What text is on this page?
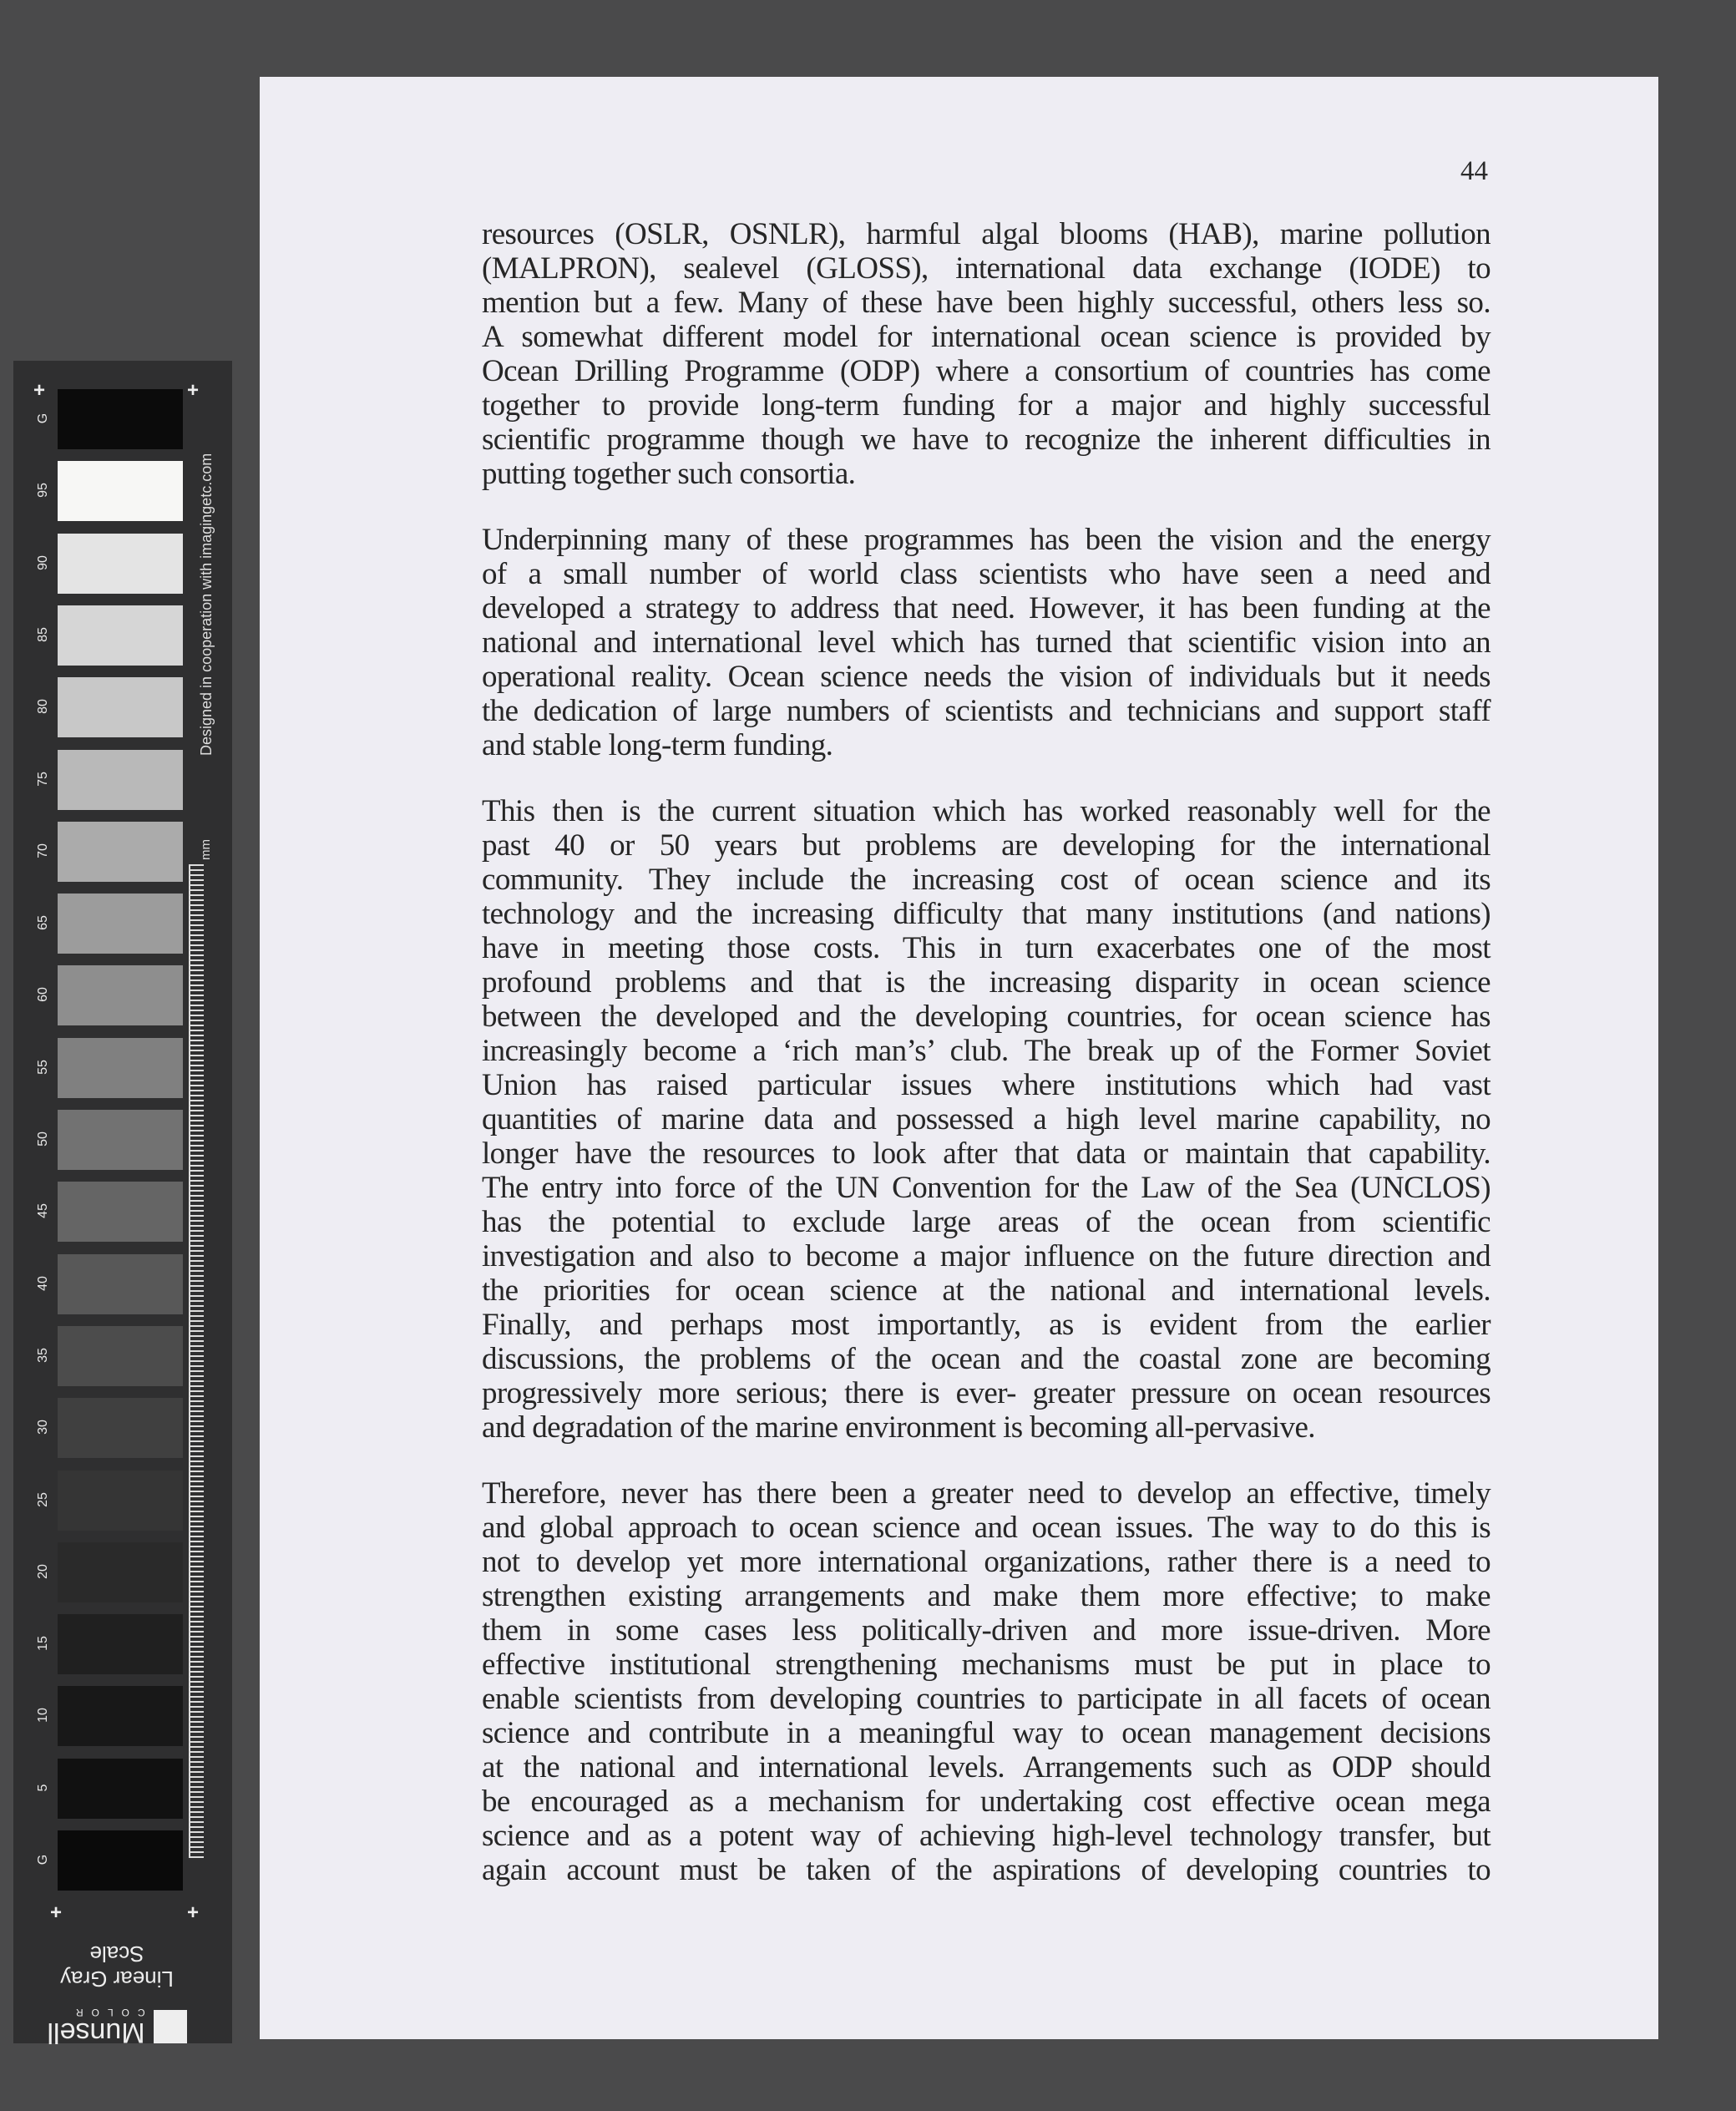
G
95
90
85
80
75
70
65
60
55
50
45
40
35
30
25
20
15
10
5
G
+	+
+	+
Designed in cooperation with imagingetc.com
mm
Munsell
COLOR
Linear Gray Scale
44
resources (OSLR, OSNLR), harmful algal blooms (HAB), marine pollution
(MALPRON), sealevel (GLOSS), international data exchange (IODE) to
mention but a few. Many of these have been highly successful, others less so.
A somewhat different model for international ocean science is provided by
Ocean Drilling Programme (ODP) where a consortium of countries has come
together to provide long-term funding for a major and highly successful
scientific programme though we have to recognize the inherent difficulties in
putting together such consortia.
Underpinning many of these programmes has been the vision and the energy
of a small number of world class scientists who have seen a need and
developed a strategy to address that need. However, it has been funding at the
national and international level which has turned that scientific vision into an
operational reality. Ocean science needs the vision of individuals but it needs
the dedication of large numbers of scientists and technicians and support staff
and stable long-term funding.
This then is the current situation which has worked reasonably well for the
past 40 or 50 years but problems are developing for the international
community. They include the increasing cost of ocean science and its
technology and the increasing difficulty that many institutions (and nations)
have in meeting those costs. This in turn exacerbates one of the most
profound problems and that is the increasing disparity in ocean science
between the developed and the developing countries, for ocean science has
increasingly become a ‘rich man’s’ club. The break up of the Former Soviet
Union has raised particular issues where institutions which had vast
quantities of marine data and possessed a high level marine capability, no
longer have the resources to look after that data or maintain that capability.
The entry into force of the UN Convention for the Law of the Sea (UNCLOS)
has the potential to exclude large areas of the ocean from scientific
investigation and also to become a major influence on the future direction and
the priorities for ocean science at the national and international levels.
Finally, and perhaps most importantly, as is evident from the earlier
discussions, the problems of the ocean and the coastal zone are becoming
progressively more serious; there is ever- greater pressure on ocean resources
and degradation of the marine environment is becoming all-pervasive.
Therefore, never has there been a greater need to develop an effective, timely
and global approach to ocean science and ocean issues. The way to do this is
not to develop yet more international organizations, rather there is a need to
strengthen existing arrangements and make them more effective; to make
them in some cases less politically-driven and more issue-driven. More
effective institutional strengthening mechanisms must be put in place to
enable scientists from developing countries to participate in all facets of ocean
science and contribute in a meaningful way to ocean management decisions
at the national and international levels. Arrangements such as ODP should
be encouraged as a mechanism for undertaking cost effective ocean mega
science and as a potent way of achieving high-level technology transfer, but
again account must be taken of the aspirations of developing countries to
